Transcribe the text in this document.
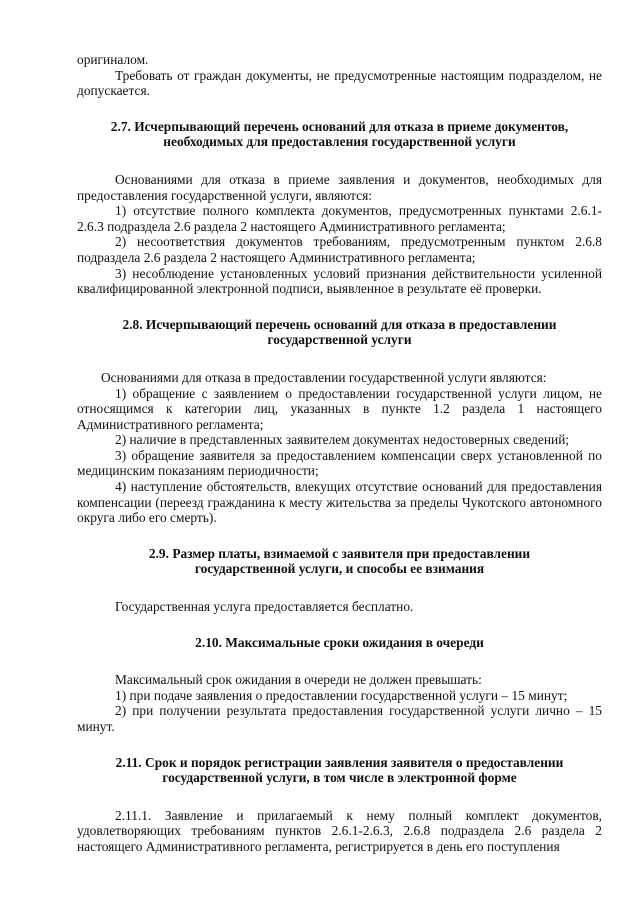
оригиналом.

Требовать от граждан документы, не предусмотренные настоящим подразделом, не допускается.

2.7. Исчерпывающий перечень оснований для отказа в приеме документов,
необходимых для предоставления государственной услуги

Основаниями для отказа в приеме заявления и документов, необходимых для предоставления государственной услуги, являются:

1) отсутствие полного комплекта документов, предусмотренных пунктами 2.6.1-2.6.3 подраздела 2.6 раздела 2 настоящего Административного регламента;

2) несоответствия документов требованиям, предусмотренным пунктом 2.6.8 подраздела 2.6 раздела 2 настоящего Административного регламента;

3) несоблюдение установленных условий признания действительности усиленной квалифицированной электронной подписи, выявленное в результате её проверки.

2.8. Исчерпывающий перечень оснований для отказа в предоставлении
государственной услуги

Основаниями для отказа в предоставлении государственной услуги являются:

1) обращение с заявлением о предоставлении государственной услуги лицом, не относящимся к категории лиц, указанных в пункте 1.2 раздела 1 настоящего Административного регламента;

2) наличие в представленных заявителем документах недостоверных сведений;

3) обращение заявителя за предоставлением компенсации сверх установленной по медицинским показаниям периодичности;

4) наступление обстоятельств, влекущих отсутствие оснований для предоставления компенсации (переезд гражданина к месту жительства за пределы Чукотского автономного округа либо его смерть).

2.9. Размер платы, взимаемой с заявителя при предоставлении
государственной услуги, и способы ее взимания

Государственная услуга предоставляется бесплатно.

2.10. Максимальные сроки ожидания в очереди

Максимальный срок ожидания в очереди не должен превышать:

1) при подаче заявления о предоставлении государственной услуги – 15 минут;

2) при получении результата предоставления государственной услуги лично – 15 минут.

2.11. Срок и порядок регистрации заявления заявителя о предоставлении
государственной услуги, в том числе в электронной форме

2.11.1. Заявление и прилагаемый к нему полный комплект документов, удовлетворяющих требованиям пунктов 2.6.1-2.6.3, 2.6.8 подраздела 2.6 раздела 2 настоящего Административного регламента, регистрируется в день его поступления
